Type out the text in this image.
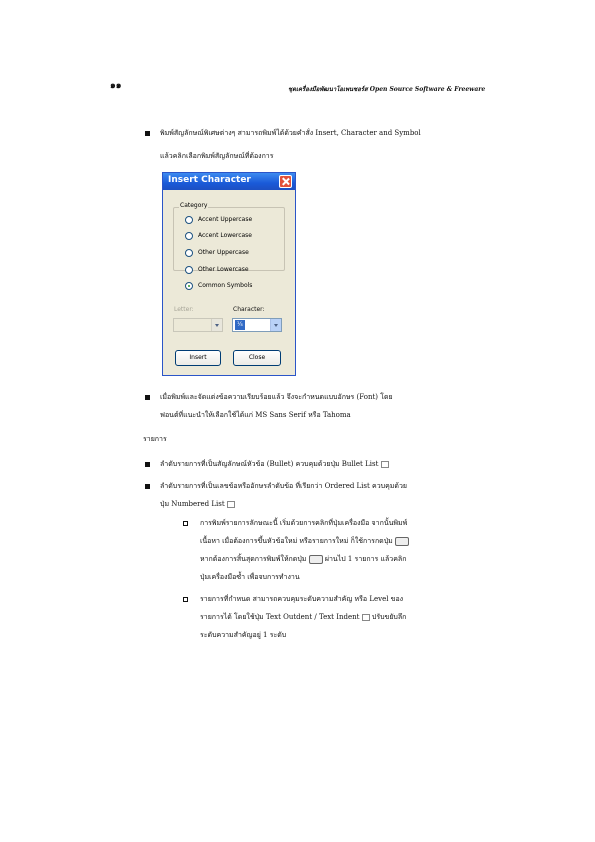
๑๑	ชุดเครื่องมือพัฒนาโอเพนซอร์ส Open Source Software & Freeware
พิมพ์สัญลักษณ์พิเศษต่างๆ สามารถพิมพ์ได้ด้วยคำสั่ง Insert, Character and Symbol
แล้วคลิกเลือกพิมพ์สัญลักษณ์ที่ต้องการ
Insert Character
Category
Accent Uppercase
Accent Lowercase
Other Uppercase
Other Lowercase
Common Symbols
Letter:	Character:
¼
Insert	Close
เมื่อพิมพ์และจัดแต่งข้อความเรียบร้อยแล้ว จึงจะกำหนดแบบอักษร (Font) โดย
ฟอนต์ที่แนะนำให้เลือกใช้ได้แก่ MS Sans Serif หรือ Tahoma
รายการ
ลำดับรายการที่เป็นสัญลักษณ์หัวข้อ (Bullet) ควบคุมด้วยปุ่ม Bullet List
ลำดับรายการที่เป็นเลขข้อหรืออักษรลำดับข้อ ที่เรียกว่า Ordered List ควบคุมด้วย
ปุ่ม Numbered List
การพิมพ์รายการลักษณะนี้ เริ่มด้วยการคลิกที่ปุ่มเครื่องมือ จากนั้นพิมพ์
เนื้อหา เมื่อต้องการขึ้นหัวข้อใหม่ หรือรายการใหม่ ก็ใช้การกดปุ่ม
หากต้องการสิ้นสุดการพิมพ์ให้กดปุ่ม	ผ่านไป 1 รายการ แล้วคลิก
ปุ่มเครื่องมือซ้ำ เพื่อจบการทำงาน
รายการที่กำหนด สามารถควบคุมระดับความสำคัญ หรือ Level ของ
รายการได้ โดยใช้ปุ่ม Text Outdent / Text Indent ปรับขยับลึก
ระดับความสำคัญอยู่ 1 ระดับ
